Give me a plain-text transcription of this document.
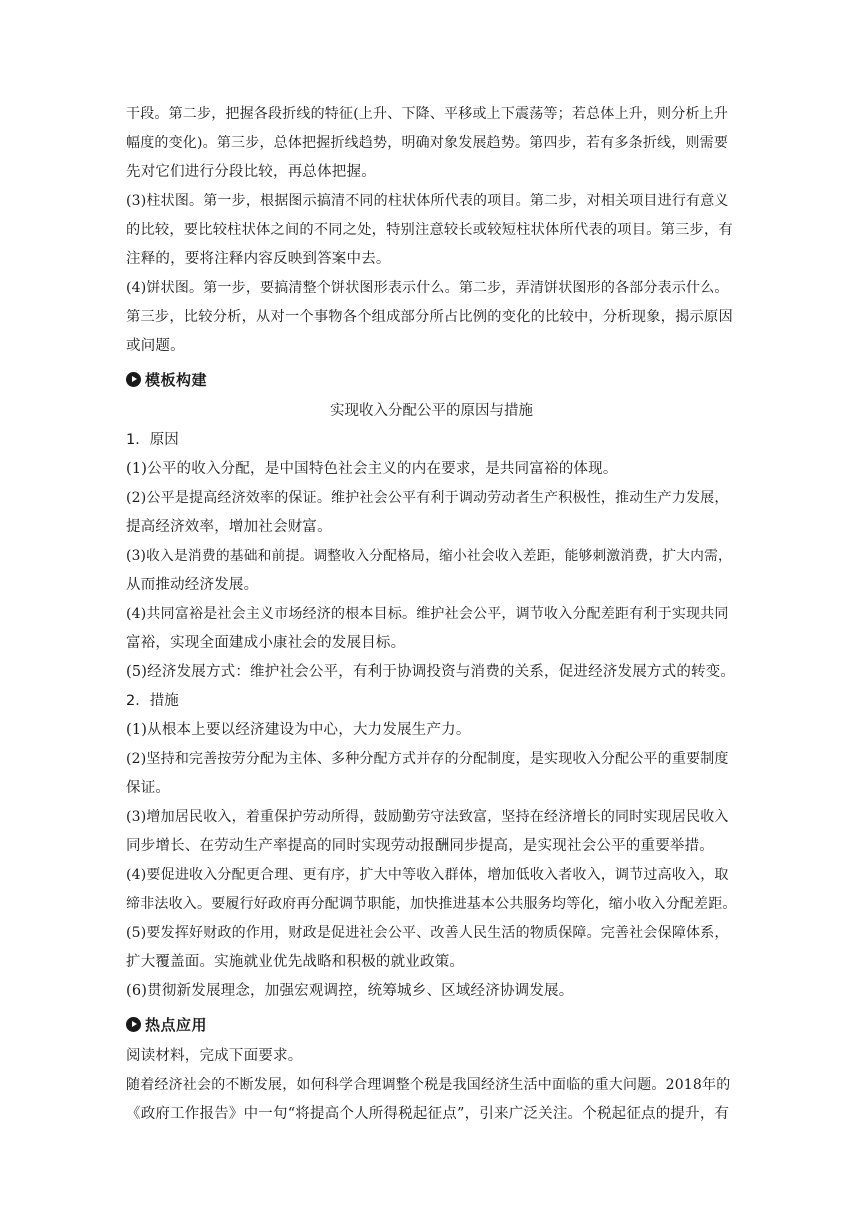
干段。第二步，把握各段折线的特征(上升、下降、平移或上下震荡等；若总体上升，则分析上升

幅度的变化)。第三步，总体把握折线趋势，明确对象发展趋势。第四步，若有多条折线，则需要

先对它们进行分段比较，再总体把握。

(3)柱状图。第一步，根据图示搞清不同的柱状体所代表的项目。第二步，对相关项目进行有意义

的比较，要比较柱状体之间的不同之处，特别注意较长或较短柱状体所代表的项目。第三步，有

注释的，要将注释内容反映到答案中去。

(4)饼状图。第一步，要搞清整个饼状图形表示什么。第二步，弄清饼状图形的各部分表示什么。

第三步，比较分析，从对一个事物各个组成部分所占比例的变化的比较中，分析现象，揭示原因

或问题。

模板构建

实现收入分配公平的原因与措施

1．原因

(1)公平的收入分配，是中国特色社会主义的内在要求，是共同富裕的体现。

(2)公平是提高经济效率的保证。维护社会公平有利于调动劳动者生产积极性，推动生产力发展，

提高经济效率，增加社会财富。

(3)收入是消费的基础和前提。调整收入分配格局，缩小社会收入差距，能够刺激消费，扩大内需，

从而推动经济发展。

(4)共同富裕是社会主义市场经济的根本目标。维护社会公平，调节收入分配差距有利于实现共同

富裕，实现全面建成小康社会的发展目标。

(5)经济发展方式：维护社会公平，有利于协调投资与消费的关系，促进经济发展方式的转变。

2．措施

(1)从根本上要以经济建设为中心，大力发展生产力。

(2)坚持和完善按劳分配为主体、多种分配方式并存的分配制度，是实现收入分配公平的重要制度

保证。

(3)增加居民收入，着重保护劳动所得，鼓励勤劳守法致富，坚持在经济增长的同时实现居民收入

同步增长、在劳动生产率提高的同时实现劳动报酬同步提高，是实现社会公平的重要举措。

(4)要促进收入分配更合理、更有序，扩大中等收入群体，增加低收入者收入，调节过高收入，取

缔非法收入。要履行好政府再分配调节职能，加快推进基本公共服务均等化，缩小收入分配差距。

(5)要发挥好财政的作用，财政是促进社会公平、改善人民生活的物质保障。完善社会保障体系，

扩大覆盖面。实施就业优先战略和积极的就业政策。

(6)贯彻新发展理念，加强宏观调控，统筹城乡、区域经济协调发展。

热点应用

阅读材料，完成下面要求。

随着经济社会的不断发展，如何科学合理调整个税是我国经济生活中面临的重大问题。2018年的

《政府工作报告》中一句“将提高个人所得税起征点”，引来广泛关注。个税起征点的提升，有
